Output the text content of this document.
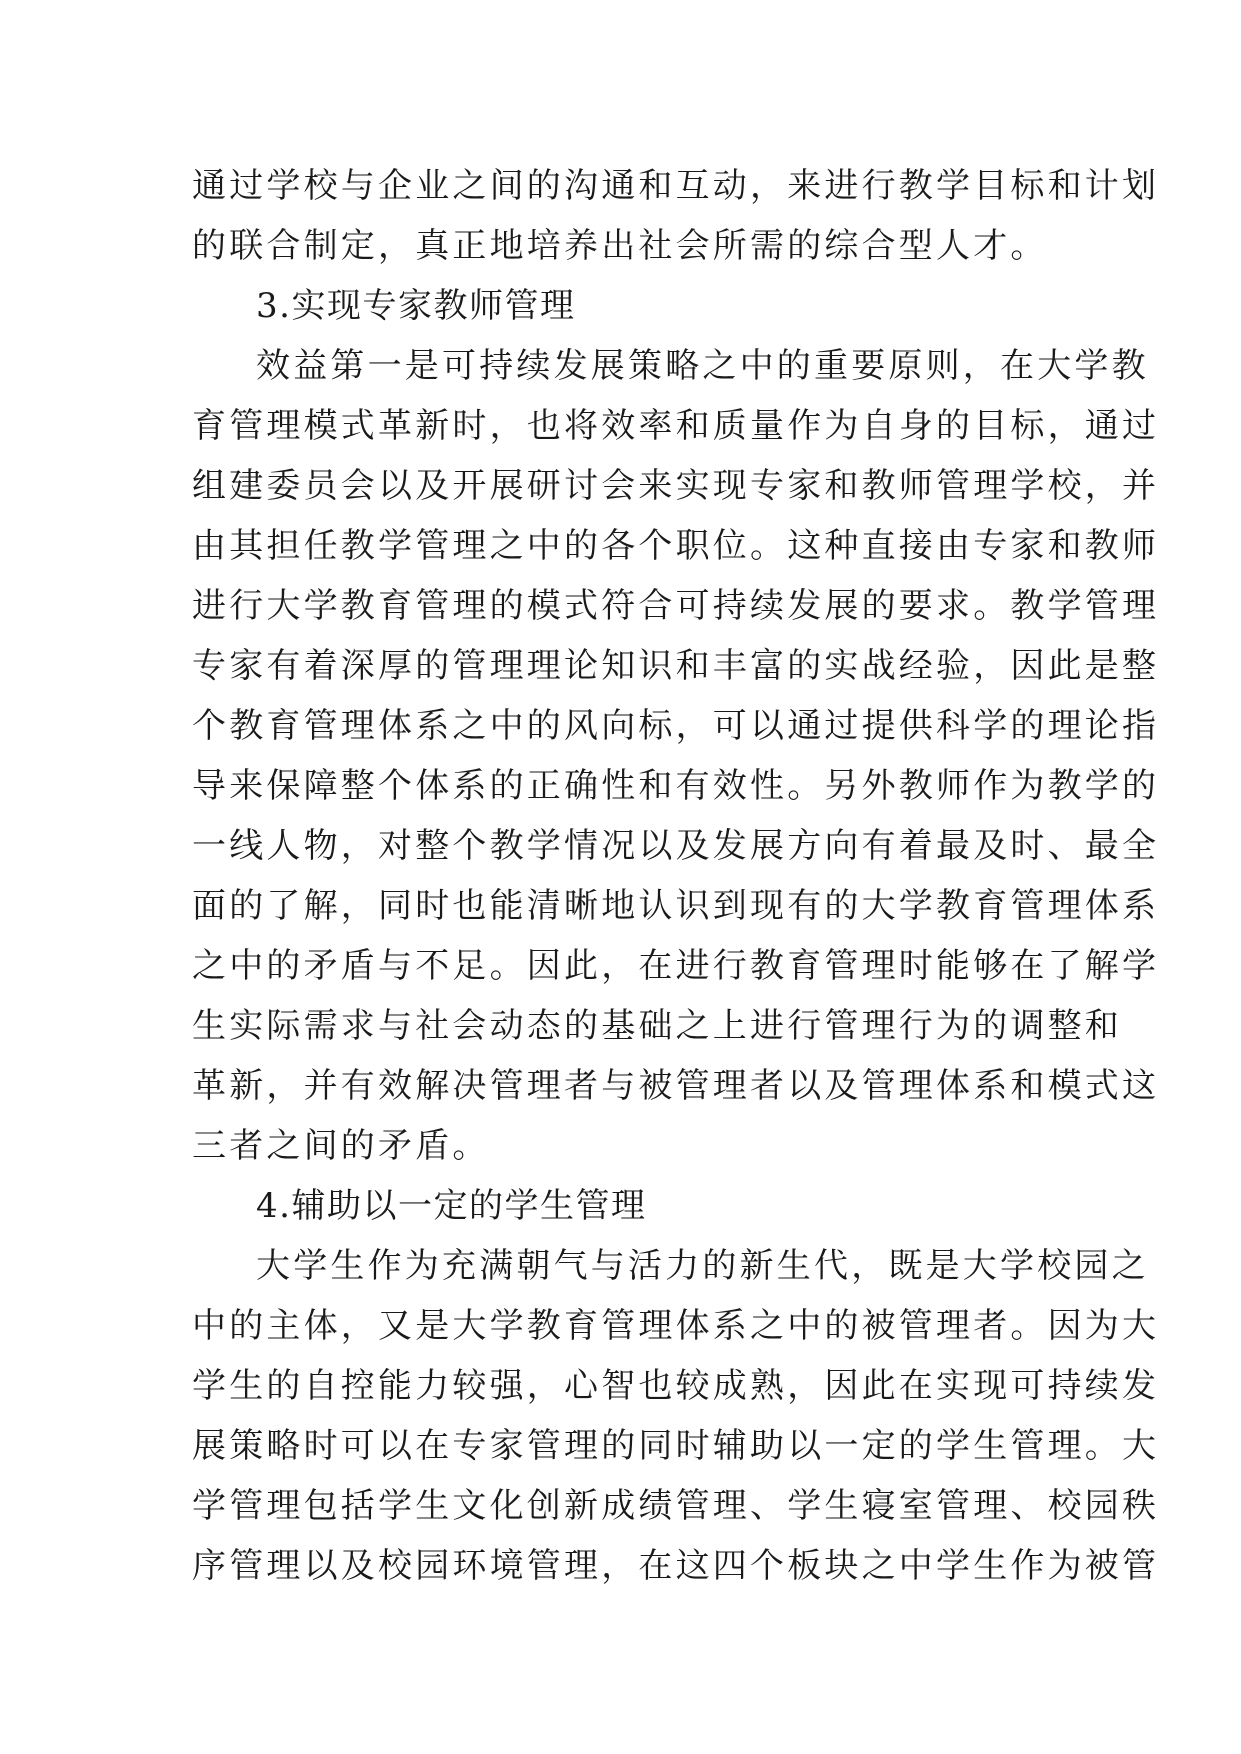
通过学校与企业之间的沟通和互动，来进行教学目标和计划
的联合制定，真正地培养出社会所需的综合型人才。
3.实现专家教师管理
效益第一是可持续发展策略之中的重要原则，在大学教
育管理模式革新时，也将效率和质量作为自身的目标，通过
组建委员会以及开展研讨会来实现专家和教师管理学校，并
由其担任教学管理之中的各个职位。这种直接由专家和教师
进行大学教育管理的模式符合可持续发展的要求。教学管理
专家有着深厚的管理理论知识和丰富的实战经验，因此是整
个教育管理体系之中的风向标，可以通过提供科学的理论指
导来保障整个体系的正确性和有效性。另外教师作为教学的
一线人物，对整个教学情况以及发展方向有着最及时、最全
面的了解，同时也能清晰地认识到现有的大学教育管理体系
之中的矛盾与不足。因此，在进行教育管理时能够在了解学
生实际需求与社会动态的基础之上进行管理行为的调整和
革新，并有效解决管理者与被管理者以及管理体系和模式这
三者之间的矛盾。
4.辅助以一定的学生管理
大学生作为充满朝气与活力的新生代，既是大学校园之
中的主体，又是大学教育管理体系之中的被管理者。因为大
学生的自控能力较强，心智也较成熟，因此在实现可持续发
展策略时可以在专家管理的同时辅助以一定的学生管理。大
学管理包括学生文化创新成绩管理、学生寝室管理、校园秩
序管理以及校园环境管理，在这四个板块之中学生作为被管
